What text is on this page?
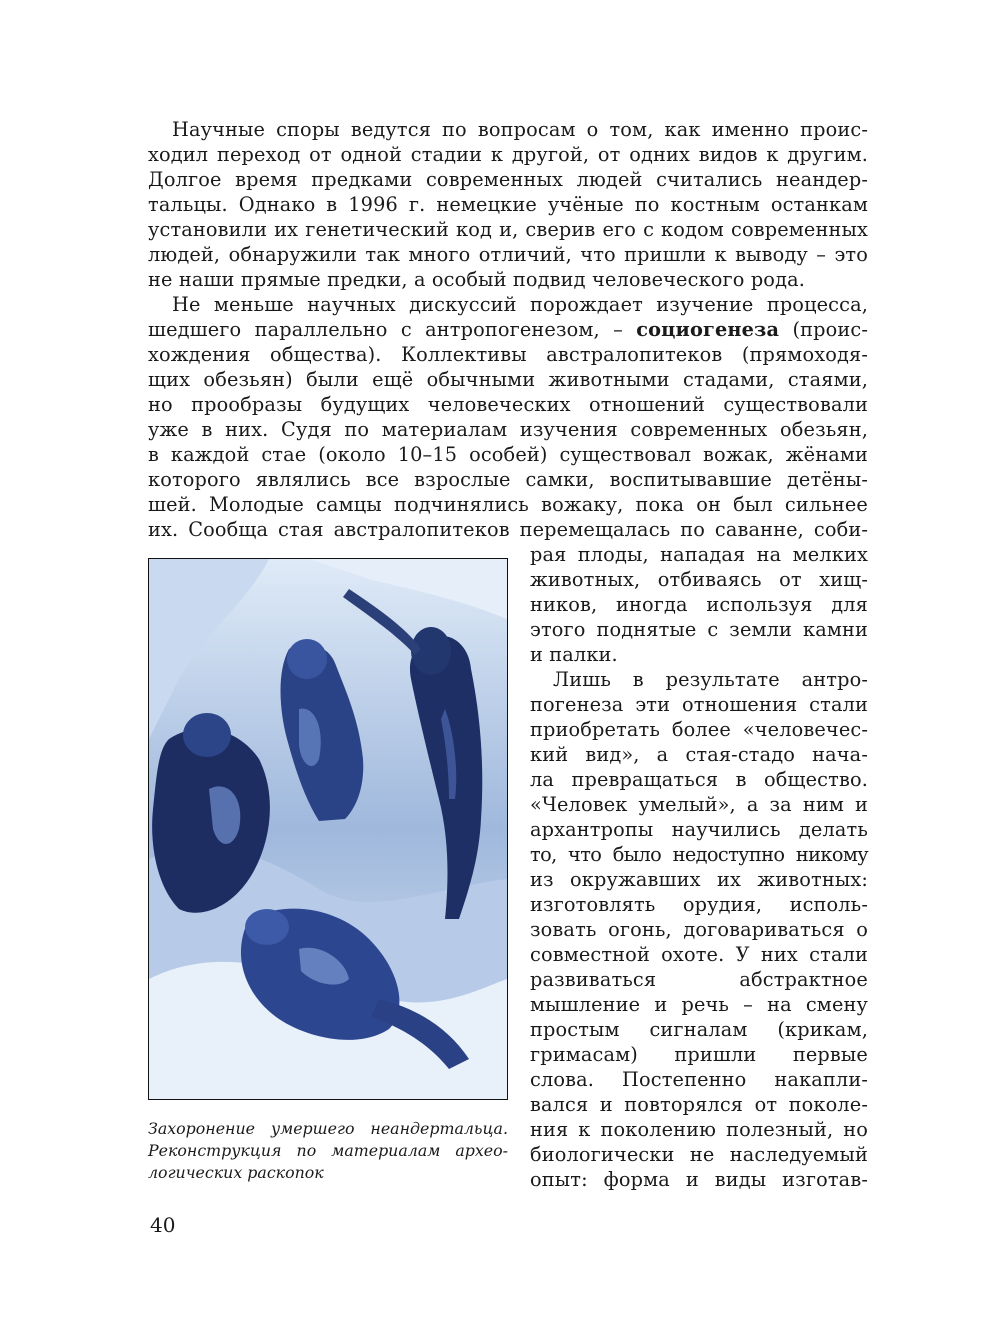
Научные споры ведутся по вопросам о том, как именно проис-
ходил переход от одной стадии к другой, от одних видов к другим.
Долгое время предками современных людей считались неандер-
тальцы. Однако в 1996 г. немецкие учёные по костным останкам
установили их генетический код и, сверив его с кодом современных
людей, обнаружили так много отличий, что пришли к выводу – это
не наши прямые предки, а особый подвид человеческого рода.
Не меньше научных дискуссий порождает изучение процесса,
шедшего параллельно с антропогенезом, – социогенеза (проис-
хождения общества). Коллективы австралопитеков (прямоходя-
щих обезьян) были ещё обычными животными стадами, стаями,
но прообразы будущих человеческих отношений существовали
уже в них. Судя по материалам изучения современных обезьян,
в каждой стае (около 10–15 особей) существовал вожак, жёнами
которого являлись все взрослые самки, воспитывавшие детёны-
шей. Молодые самцы подчинялись вожаку, пока он был сильнее
их. Сообща стая австралопитеков перемещалась по саванне, соби-
рая плоды, нападая на мелких
животных, отбиваясь от хищ-
ников, иногда используя для
этого поднятые с земли камни
и палки.
Лишь в результате антро-
погенеза эти отношения стали
приобретать более «человечес-
кий вид», а стая-стадо нача-
ла превращаться в общество.
«Человек умелый», а за ним и
архантропы научились делать
то, что было недоступно никому
из окружавших их животных:
изготовлять орудия, исполь-
зовать огонь, договариваться о
совместной охоте. У них стали
развиваться абстрактное
мышление и речь – на смену
простым сигналам (крикам,
гримасам) пришли первые
слова. Постепенно накапли-
вался и повторялся от поколе-
ния к поколению полезный, но
биологически не наследуемый
опыт: форма и виды изготав-
Захоронение умершего неандертальца.
Реконструкция по материалам архео-
логических раскопок
40
